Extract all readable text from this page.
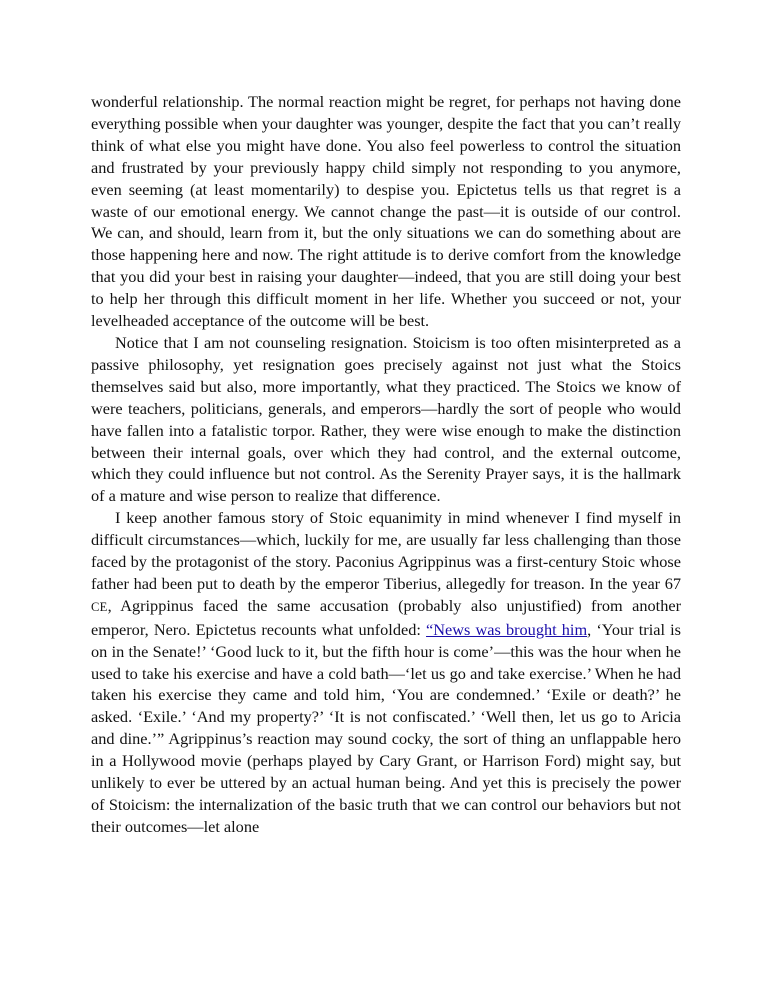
wonderful relationship. The normal reaction might be regret, for perhaps not having done everything possible when your daughter was younger, despite the fact that you can’t really think of what else you might have done. You also feel powerless to control the situation and frustrated by your previously happy child simply not responding to you anymore, even seeming (at least momentarily) to despise you. Epictetus tells us that regret is a waste of our emotional energy. We cannot change the past—it is outside of our control. We can, and should, learn from it, but the only situations we can do something about are those happening here and now. The right attitude is to derive comfort from the knowledge that you did your best in raising your daughter—indeed, that you are still doing your best to help her through this difficult moment in her life. Whether you succeed or not, your levelheaded acceptance of the outcome will be best.

Notice that I am not counseling resignation. Stoicism is too often misinterpreted as a passive philosophy, yet resignation goes precisely against not just what the Stoics themselves said but also, more importantly, what they practiced. The Stoics we know of were teachers, politicians, generals, and emperors—hardly the sort of people who would have fallen into a fatalistic torpor. Rather, they were wise enough to make the distinction between their internal goals, over which they had control, and the external outcome, which they could influence but not control. As the Serenity Prayer says, it is the hallmark of a mature and wise person to realize that difference.

I keep another famous story of Stoic equanimity in mind whenever I find myself in difficult circumstances—which, luckily for me, are usually far less challenging than those faced by the protagonist of the story. Paconius Agrippinus was a first-century Stoic whose father had been put to death by the emperor Tiberius, allegedly for treason. In the year 67 CE, Agrippinus faced the same accusation (probably also unjustified) from another emperor, Nero. Epictetus recounts what unfolded: “News was brought him, ‘Your trial is on in the Senate!’ ‘Good luck to it, but the fifth hour is come’—this was the hour when he used to take his exercise and have a cold bath—‘let us go and take exercise.’ When he had taken his exercise they came and told him, ‘You are condemned.’ ‘Exile or death?’ he asked. ‘Exile.’ ‘And my property?’ ‘It is not confiscated.’ ‘Well then, let us go to Aricia and dine.’” Agrippinus’s reaction may sound cocky, the sort of thing an unflappable hero in a Hollywood movie (perhaps played by Cary Grant, or Harrison Ford) might say, but unlikely to ever be uttered by an actual human being. And yet this is precisely the power of Stoicism: the internalization of the basic truth that we can control our behaviors but not their outcomes—let alone
